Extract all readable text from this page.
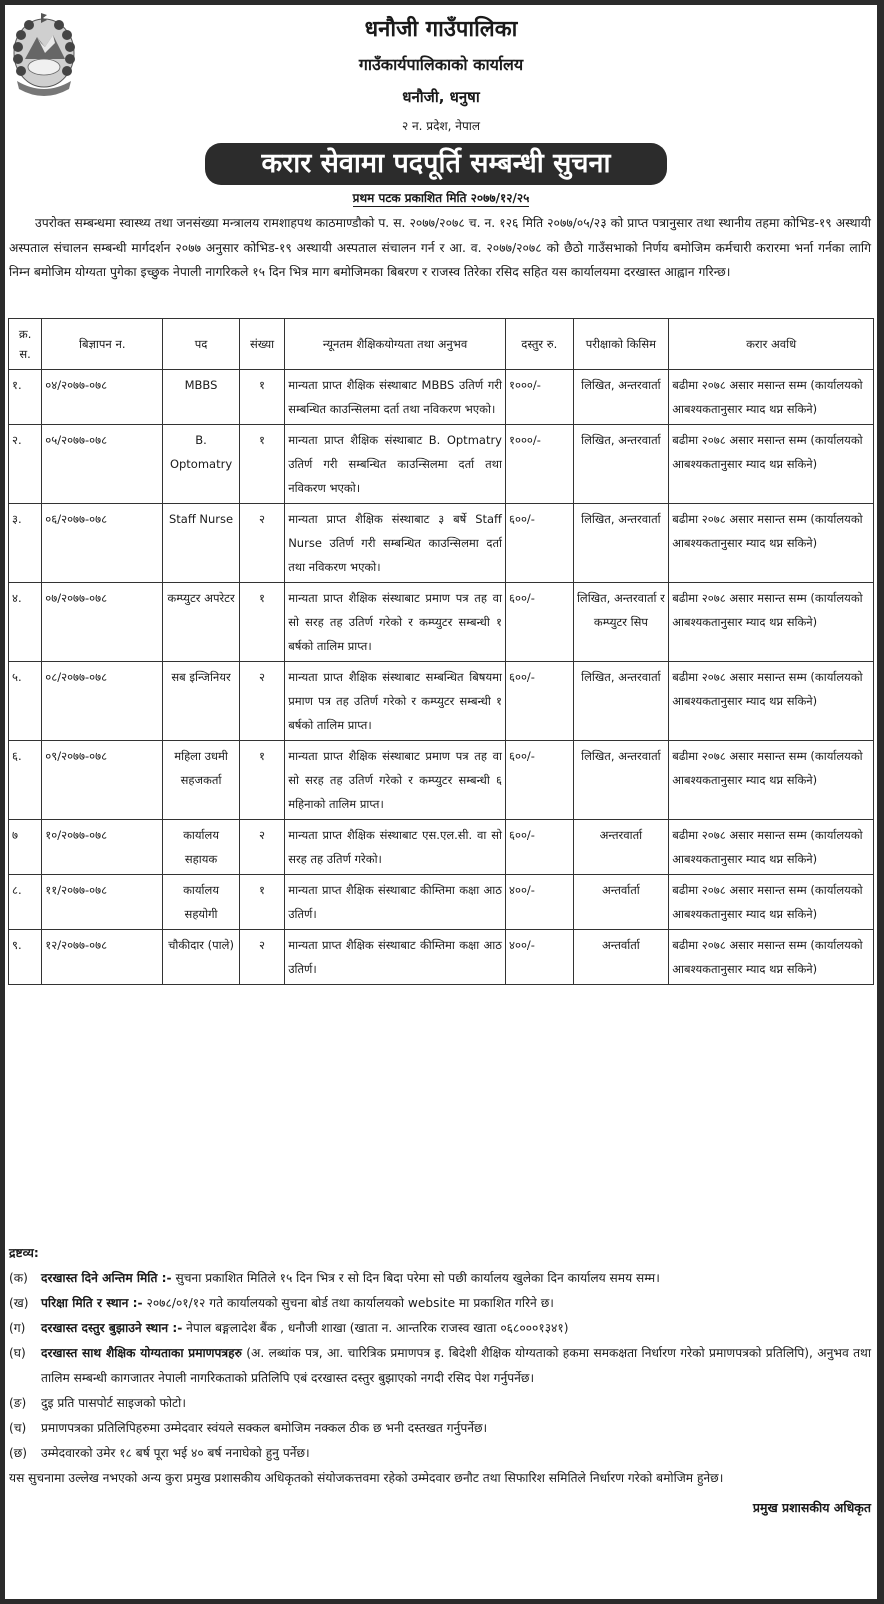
धनौजी गाउँपालिका
गाउँकार्यपालिकाको कार्यालय
धनौजी, धनुषा
२ न. प्रदेश, नेपाल
करार सेवामा पदपूर्ति सम्बन्धी सुचना
प्रथम पटक प्रकाशित मिति २०७७/१२/२५
उपरोक्त सम्बन्धमा स्वास्थ्य तथा जनसंख्या मन्त्रालय रामशाहपथ काठमाण्डौको प. स. २०७७/२०७८ च. न. १२६ मिति २०७७/०५/२३ को प्राप्त पत्रानुसार तथा स्थानीय तहमा कोभिड-१९ अस्थायी अस्पताल संचालन सम्बन्धी मार्गदर्शन २०७७ अनुसार कोभिड-१९ अस्थायी अस्पताल संचालन गर्न र आ. व. २०७७/२०७८ को छैठो गाउँसभाको निर्णय बमोजिम कर्मचारी करारमा भर्ना गर्नका लागि निम्न बमोजिम योग्यता पुगेका इच्छुक नेपाली नागरिकले १५ दिन भित्र माग बमोजिमका बिबरण र राजस्व तिरेका रसिद सहित यस कार्यालयमा दरखास्त आह्वान गरिन्छ।
क्र. स.	बिज्ञापन न.	पद	संख्या	न्यूनतम शैक्षिकयोग्यता तथा अनुभव	दस्तुर रु.	परीक्षाको किसिम	करार अवधि
१.	०४/२०७७-०७८	MBBS	१	मान्यता प्राप्त शैक्षिक संस्थाबाट MBBS उतिर्ण गरी सम्बन्धित काउन्सिलमा दर्ता तथा नविकरण भएको।	१०००/-	लिखित, अन्तरवार्ता	बढीमा २०७८ असार मसान्त सम्म (कार्यालयको आबश्यकतानुसार म्याद थप्न सकिने)
२.	०५/२०७७-०७८	B. Optomatry	१	मान्यता प्राप्त शैक्षिक संस्थाबाट B. Optmatry उतिर्ण गरी सम्बन्धित काउन्सिलमा दर्ता तथा नविकरण भएको।	१०००/-	लिखित, अन्तरवार्ता	बढीमा २०७८ असार मसान्त सम्म (कार्यालयको आबश्यकतानुसार म्याद थप्न सकिने)
३.	०६/२०७७-०७८	Staff Nurse	२	मान्यता प्राप्त शैक्षिक संस्थाबाट ३ बर्षे Staff Nurse उतिर्ण गरी सम्बन्धित काउन्सिलमा दर्ता तथा नविकरण भएको।	६००/-	लिखित, अन्तरवार्ता	बढीमा २०७८ असार मसान्त सम्म (कार्यालयको आबश्यकतानुसार म्याद थप्न सकिने)
४.	०७/२०७७-०७८	कम्प्युटर अपरेटर	१	मान्यता प्राप्त शैक्षिक संस्थाबाट प्रमाण पत्र तह वा सो सरह तह उतिर्ण गरेको र कम्प्युटर सम्बन्धी १ बर्षको तालिम प्राप्त।	६००/-	लिखित, अन्तरवार्ता र कम्प्युटर सिप	बढीमा २०७८ असार मसान्त सम्म (कार्यालयको आबश्यकतानुसार म्याद थप्न सकिने)
५.	०८/२०७७-०७८	सब इन्जिनियर	२	मान्यता प्राप्त शैक्षिक संस्थाबाट सम्बन्धित बिषयमा प्रमाण पत्र तह उतिर्ण गरेको र कम्प्युटर सम्बन्धी १ बर्षको तालिम प्राप्त।	६००/-	लिखित, अन्तरवार्ता	बढीमा २०७८ असार मसान्त सम्म (कार्यालयको आबश्यकतानुसार म्याद थप्न सकिने)
६.	०९/२०७७-०७८	महिला उधमी सहजकर्ता	१	मान्यता प्राप्त शैक्षिक संस्थाबाट प्रमाण पत्र तह वा सो सरह तह उतिर्ण गरेको र कम्प्युटर सम्बन्धी ६ महिनाको तालिम प्राप्त।	६००/-	लिखित, अन्तरवार्ता	बढीमा २०७८ असार मसान्त सम्म (कार्यालयको आबश्यकतानुसार म्याद थप्न सकिने)
७	१०/२०७७-०७८	कार्यालय सहायक	२	मान्यता प्राप्त शैक्षिक संस्थाबाट एस.एल.सी. वा सो सरह तह उतिर्ण गरेको।	६००/-	अन्तरवार्ता	बढीमा २०७८ असार मसान्त सम्म (कार्यालयको आबश्यकतानुसार म्याद थप्न सकिने)
८.	११/२०७७-०७८	कार्यालय सहयोगी	१	मान्यता प्राप्त शैक्षिक संस्थाबाट कीम्तिमा कक्षा आठ उतिर्ण।	४००/-	अन्तर्वार्ता	बढीमा २०७८ असार मसान्त सम्म (कार्यालयको आबश्यकतानुसार म्याद थप्न सकिने)
९.	१२/२०७७-०७८	चौकीदार (पाले)	२	मान्यता प्राप्त शैक्षिक संस्थाबाट कीम्तिमा कक्षा आठ उतिर्ण।	४००/-	अन्तर्वार्ता	बढीमा २०७८ असार मसान्त सम्म (कार्यालयको आबश्यकतानुसार म्याद थप्न सकिने)
द्रष्टव्य:
(क)	दरखास्त दिने अन्तिम मिति :- सुचना प्रकाशित मितिले १५ दिन भित्र र सो दिन बिदा परेमा सो पछी कार्यालय खुलेका दिन कार्यालय समय सम्म।
(ख)	परिक्षा मिति र स्थान :- २०७८/०१/१२ गते कार्यालयको सुचना बोर्ड तथा कार्यालयको website मा प्रकाशित गरिने छ।
(ग)	दरखास्त दस्तुर बुझाउने स्थान :- नेपाल बङ्गलादेश बैंक , धनौजी शाखा (खाता न. आन्तरिक राजस्व खाता ०६८०००१३४१)
(घ)	दरखास्त साथ शैक्षिक योग्यताका प्रमाणपत्रहरु (अ. लब्धांक पत्र, आ. चारित्रिक प्रमाणपत्र इ. बिदेशी शैक्षिक योग्यताको हकमा समकक्षता निर्धारण गरेको प्रमाणपत्रको प्रतिलिपि), अनुभव तथा तालिम सम्बन्धी कागजातर नेपाली नागरिकताको प्रतिलिपि एबं दरखास्त दस्तुर बुझाएको नगदी रसिद पेश गर्नुपर्नेछ।
(ङ)	दुइ प्रति पासपोर्ट साइजको फोटो।
(च)	प्रमाणपत्रका प्रतिलिपिहरुमा उम्मेदवार स्वंयले सक्कल बमोजिम नक्कल ठीक छ भनी दस्तखत गर्नुपर्नेछ।
(छ)	उम्मेदवारको उमेर १८ बर्ष पूरा भई ४० बर्ष ननाघेको हुनु पर्नेछ।
यस सुचनामा उल्लेख नभएको अन्य कुरा प्रमुख प्रशासकीय अधिकृतको संयोजकत्तवमा रहेको उम्मेदवार छनौट तथा सिफारिश समितिले निर्धारण गरेको बमोजिम हुनेछ।
प्रमुख प्रशासकीय अधिकृत
